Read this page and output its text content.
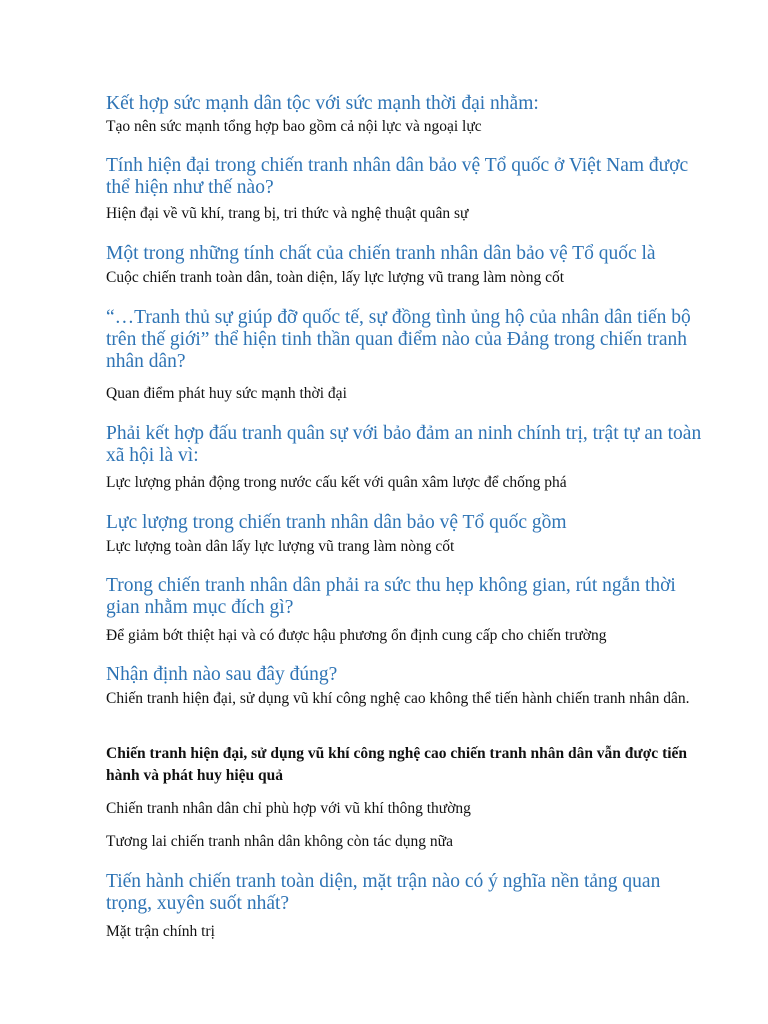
Kết hợp sức mạnh dân tộc với sức mạnh thời đại nhằm:

Tạo nên sức mạnh tổng hợp bao gồm cả nội lực và ngoại lực

Tính hiện đại trong chiến tranh nhân dân bảo vệ Tổ quốc ở Việt Nam được thể hiện như thế nào?

Hiện đại về vũ khí, trang bị, tri thức và nghệ thuật quân sự

Một trong những tính chất của chiến tranh nhân dân bảo vệ Tổ quốc là

Cuộc chiến tranh toàn dân, toàn diện, lấy lực lượng vũ trang làm nòng cốt

“…Tranh thủ sự giúp đỡ quốc tế, sự đồng tình ủng hộ của nhân dân tiến bộ trên thế giới” thể hiện tinh thần quan điểm nào của Đảng trong chiến tranh nhân dân?

Quan điểm phát huy sức mạnh thời đại

Phải kết hợp đấu tranh quân sự với bảo đảm an ninh chính trị, trật tự an toàn xã hội là vì:

Lực lượng phản động trong nước cấu kết với quân xâm lược để chống phá

Lực lượng trong chiến tranh nhân dân bảo vệ Tổ quốc gồm

Lực lượng toàn dân lấy lực lượng vũ trang làm nòng cốt

Trong chiến tranh nhân dân phải ra sức thu hẹp không gian, rút ngắn thời gian nhằm mục đích gì?

Để giảm bớt thiệt hại và có được hậu phương ổn định cung cấp cho chiến trường

Nhận định nào sau đây đúng?

Chiến tranh hiện đại, sử dụng vũ khí công nghệ cao không thể tiến hành chiến tranh nhân dân.

Chiến tranh hiện đại, sử dụng vũ khí công nghệ cao chiến tranh nhân dân vẫn được tiến hành và phát huy hiệu quả

Chiến tranh nhân dân chỉ phù hợp với vũ khí thông thường

Tương lai chiến tranh nhân dân không còn tác dụng nữa

Tiến hành chiến tranh toàn diện, mặt trận nào có ý nghĩa nền tảng quan trọng, xuyên suốt nhất?

Mặt trận chính trị
